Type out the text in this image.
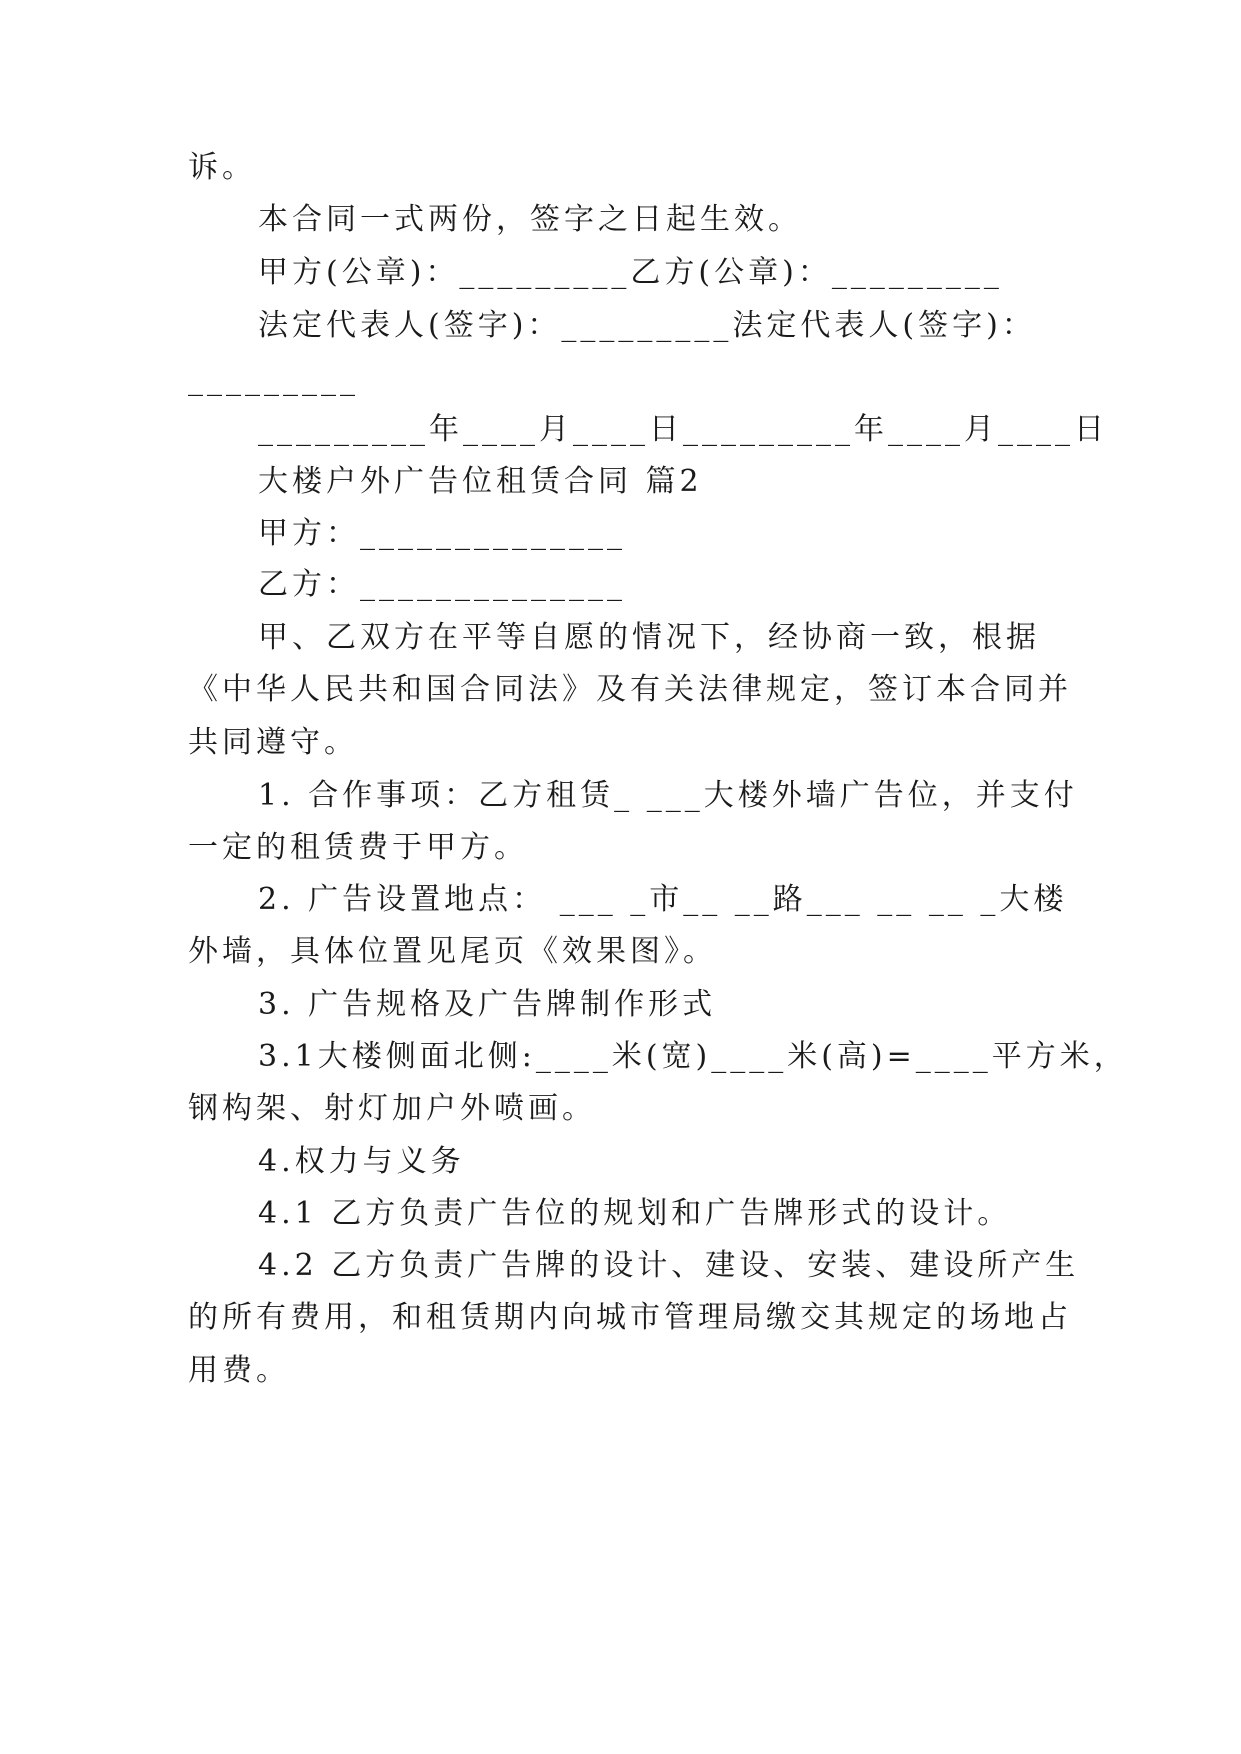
诉。
本合同一式两份，签字之日起生效。
甲方(公章)：_________乙方(公章)：_________
法定代表人(签字)：_________法定代表人(签字)：
_________
_________年____月____日_________年____月____日
大楼户外广告位租赁合同 篇2
甲方：______________
乙方：______________
甲、乙双方在平等自愿的情况下，经协商一致，根据
《中华人民共和国合同法》及有关法律规定，签订本合同并
共同遵守。
1. 合作事项：乙方租赁_ ___大楼外墙广告位，并支付
一定的租赁费于甲方。
2. 广告设置地点： ___ _市__ __路___ __ __ _大楼
外墙，具体位置见尾页《效果图》。
3. 广告规格及广告牌制作形式
3.1大楼侧面北侧:____米(宽)____米(高)=____平方米，
钢构架、射灯加户外喷画。
4.权力与义务
4.1 乙方负责广告位的规划和广告牌形式的设计。
4.2 乙方负责广告牌的设计、建设、安装、建设所产生
的所有费用，和租赁期内向城市管理局缴交其规定的场地占
用费。
